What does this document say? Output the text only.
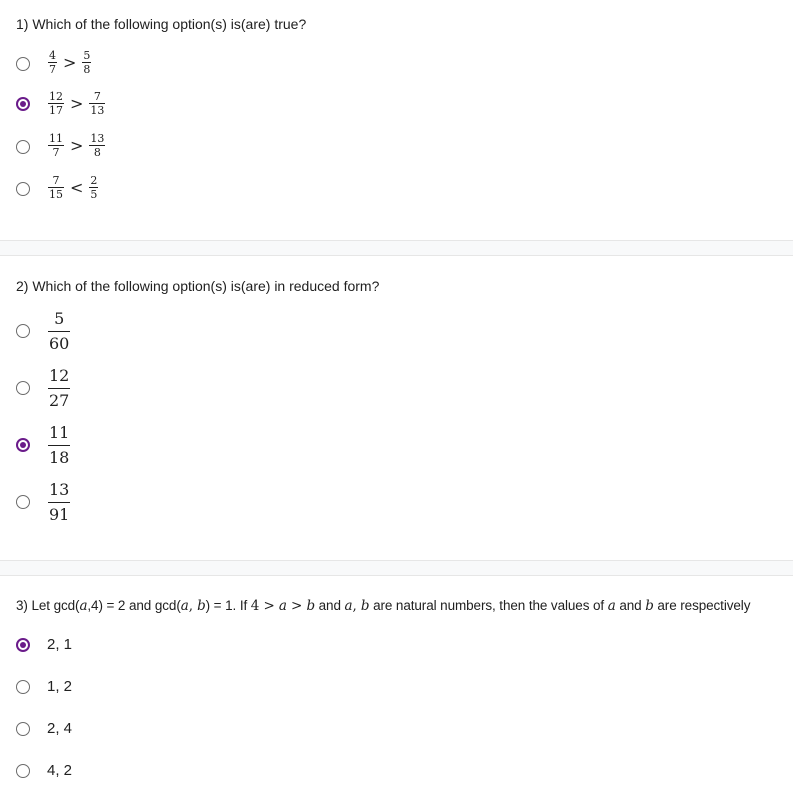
1) Which of the following option(s) is(are) true?
$\frac{4}{7} > \frac{5}{8}$
$\frac{12}{17} > \frac{7}{13}$
$\frac{11}{7} > \frac{13}{8}$
$\frac{7}{15} < \frac{2}{5}$
2) Which of the following option(s) is(are) in reduced form?
$\frac{5}{60}$
$\frac{12}{27}$
$\frac{11}{18}$
$\frac{13}{91}$
3) Let gcd(a,4) = 2 and gcd(a, b) = 1. If 4 > a > b and a, b are natural numbers, then the values of a and b are respectively
2, 1
1, 2
2, 4
4, 2
